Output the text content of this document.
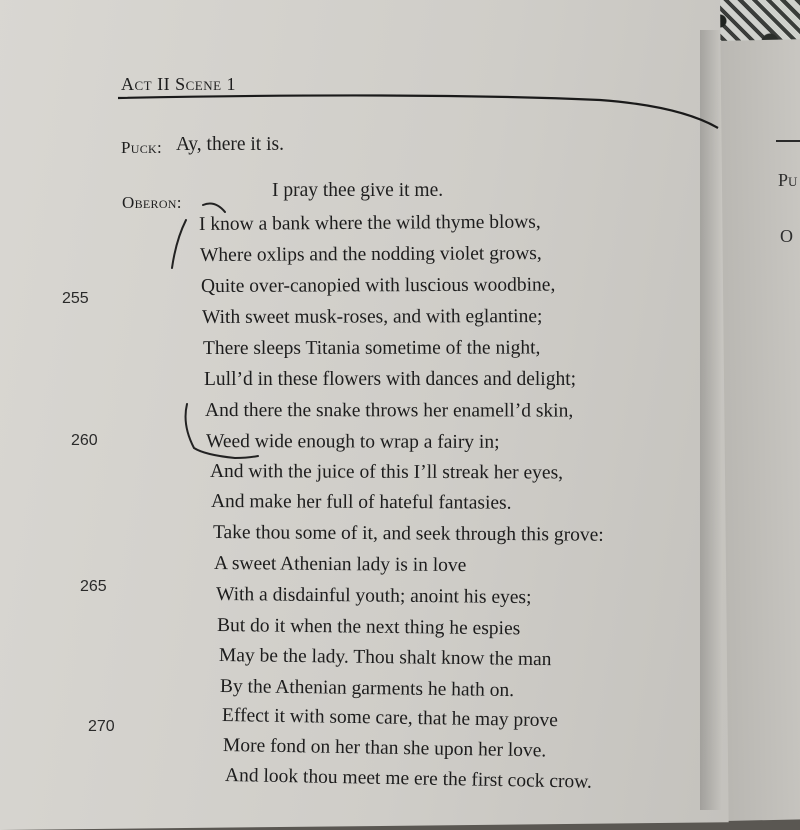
Pu
O
Act II Scene 1
Puck: Ay, there it is.
Oberon:
I pray thee give it me.
I know a bank where the wild thyme blows,
Where oxlips and the nodding violet grows,
Quite over-canopied with luscious woodbine,
With sweet musk-roses, and with eglantine;
There sleeps Titania sometime of the night,
Lull’d in these flowers with dances and delight;
And there the snake throws her enamell’d skin,
Weed wide enough to wrap a fairy in;
And with the juice of this I’ll streak her eyes,
And make her full of hateful fantasies.
Take thou some of it, and seek through this grove:
A sweet Athenian lady is in love
With a disdainful youth; anoint his eyes;
But do it when the next thing he espies
May be the lady. Thou shalt know the man
By the Athenian garments he hath on.
Effect it with some care, that he may prove
More fond on her than she upon her love.
And look thou meet me ere the first cock crow.
255
260
265
270
